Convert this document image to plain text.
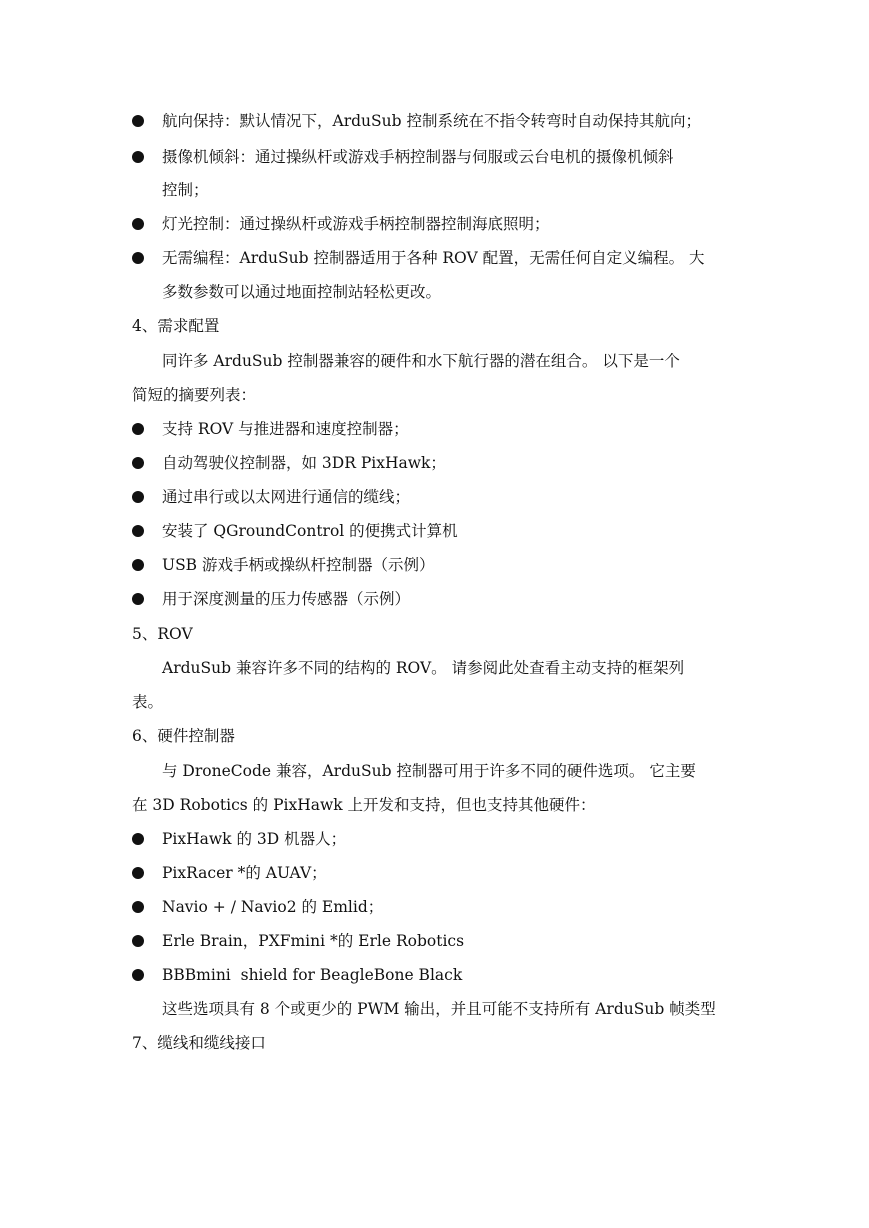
航向保持：默认情况下，ArduSub 控制系统在不指令转弯时自动保持其航向；
摄像机倾斜：通过操纵杆或游戏手柄控制器与伺服或云台电机的摄像机倾斜
控制；
灯光控制：通过操纵杆或游戏手柄控制器控制海底照明；
无需编程：ArduSub 控制器适用于各种 ROV 配置，无需任何自定义编程。 大
多数参数可以通过地面控制站轻松更改。
4、需求配置
同许多 ArduSub 控制器兼容的硬件和水下航行器的潜在组合。 以下是一个
简短的摘要列表：
支持 ROV 与推进器和速度控制器；
自动驾驶仪控制器，如 3DR PixHawk；
通过串行或以太网进行通信的缆线；
安装了 QGroundControl 的便携式计算机
USB 游戏手柄或操纵杆控制器（示例）
用于深度测量的压力传感器（示例）
5、ROV
ArduSub 兼容许多不同的结构的 ROV。 请参阅此处查看主动支持的框架列
表。
6、硬件控制器
与 DroneCode 兼容，ArduSub 控制器可用于许多不同的硬件选项。 它主要
在 3D Robotics 的 PixHawk 上开发和支持，但也支持其他硬件：
PixHawk 的 3D 机器人；
PixRacer *的 AUAV；
Navio + / Navio2 的 Emlid；
Erle Brain，PXFmini *的 Erle Robotics
BBBmini  shield for BeagleBone Black
这些选项具有 8 个或更少的 PWM 输出，并且可能不支持所有 ArduSub 帧类型
7、缆线和缆线接口
